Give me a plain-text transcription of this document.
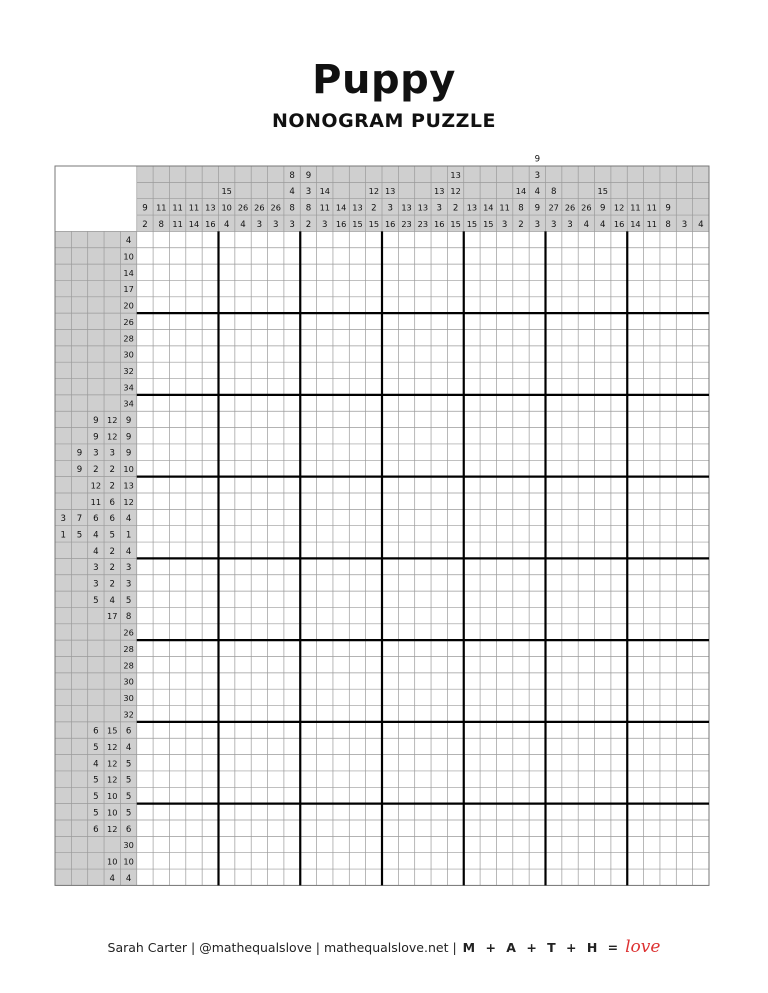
Puppy
NONOGRAM PUZZLE
9
2
11
8
11
11
11
14
13
16
15
10
4
26
4
26
3
26
3
8
4
8
3
9
3
8
2
14
11
3
14
16
13
15
12
2
15
13
3
16
13
23
13
23
13
3
16
13
12
2
15
13
15
14
15
11
3
14
8
2
9
3
4
9
3
8
27
3
26
3
26
4
15
9
4
12
16
11
14
11
11
9
8 3 4
4
10
14
17
20
26
28
30
32
34
34
9 12 9
9 12 9
9 3 3 9
9 2 2 10
12 2 13
11 6 12
3 7 6 6 4
1 5 4 5 1
4 2 4
3 2 3
3 2 3
5 4 5
17 8
26
28
28
30
30
32
6 15 6
5 12 4
4 12 5
5 12 5
5 10 5
5 10 5
6 12 6
30
10 10
4 4
Sarah Carter | @mathequalslove | mathequalslove.net | M + A + T + H = love
